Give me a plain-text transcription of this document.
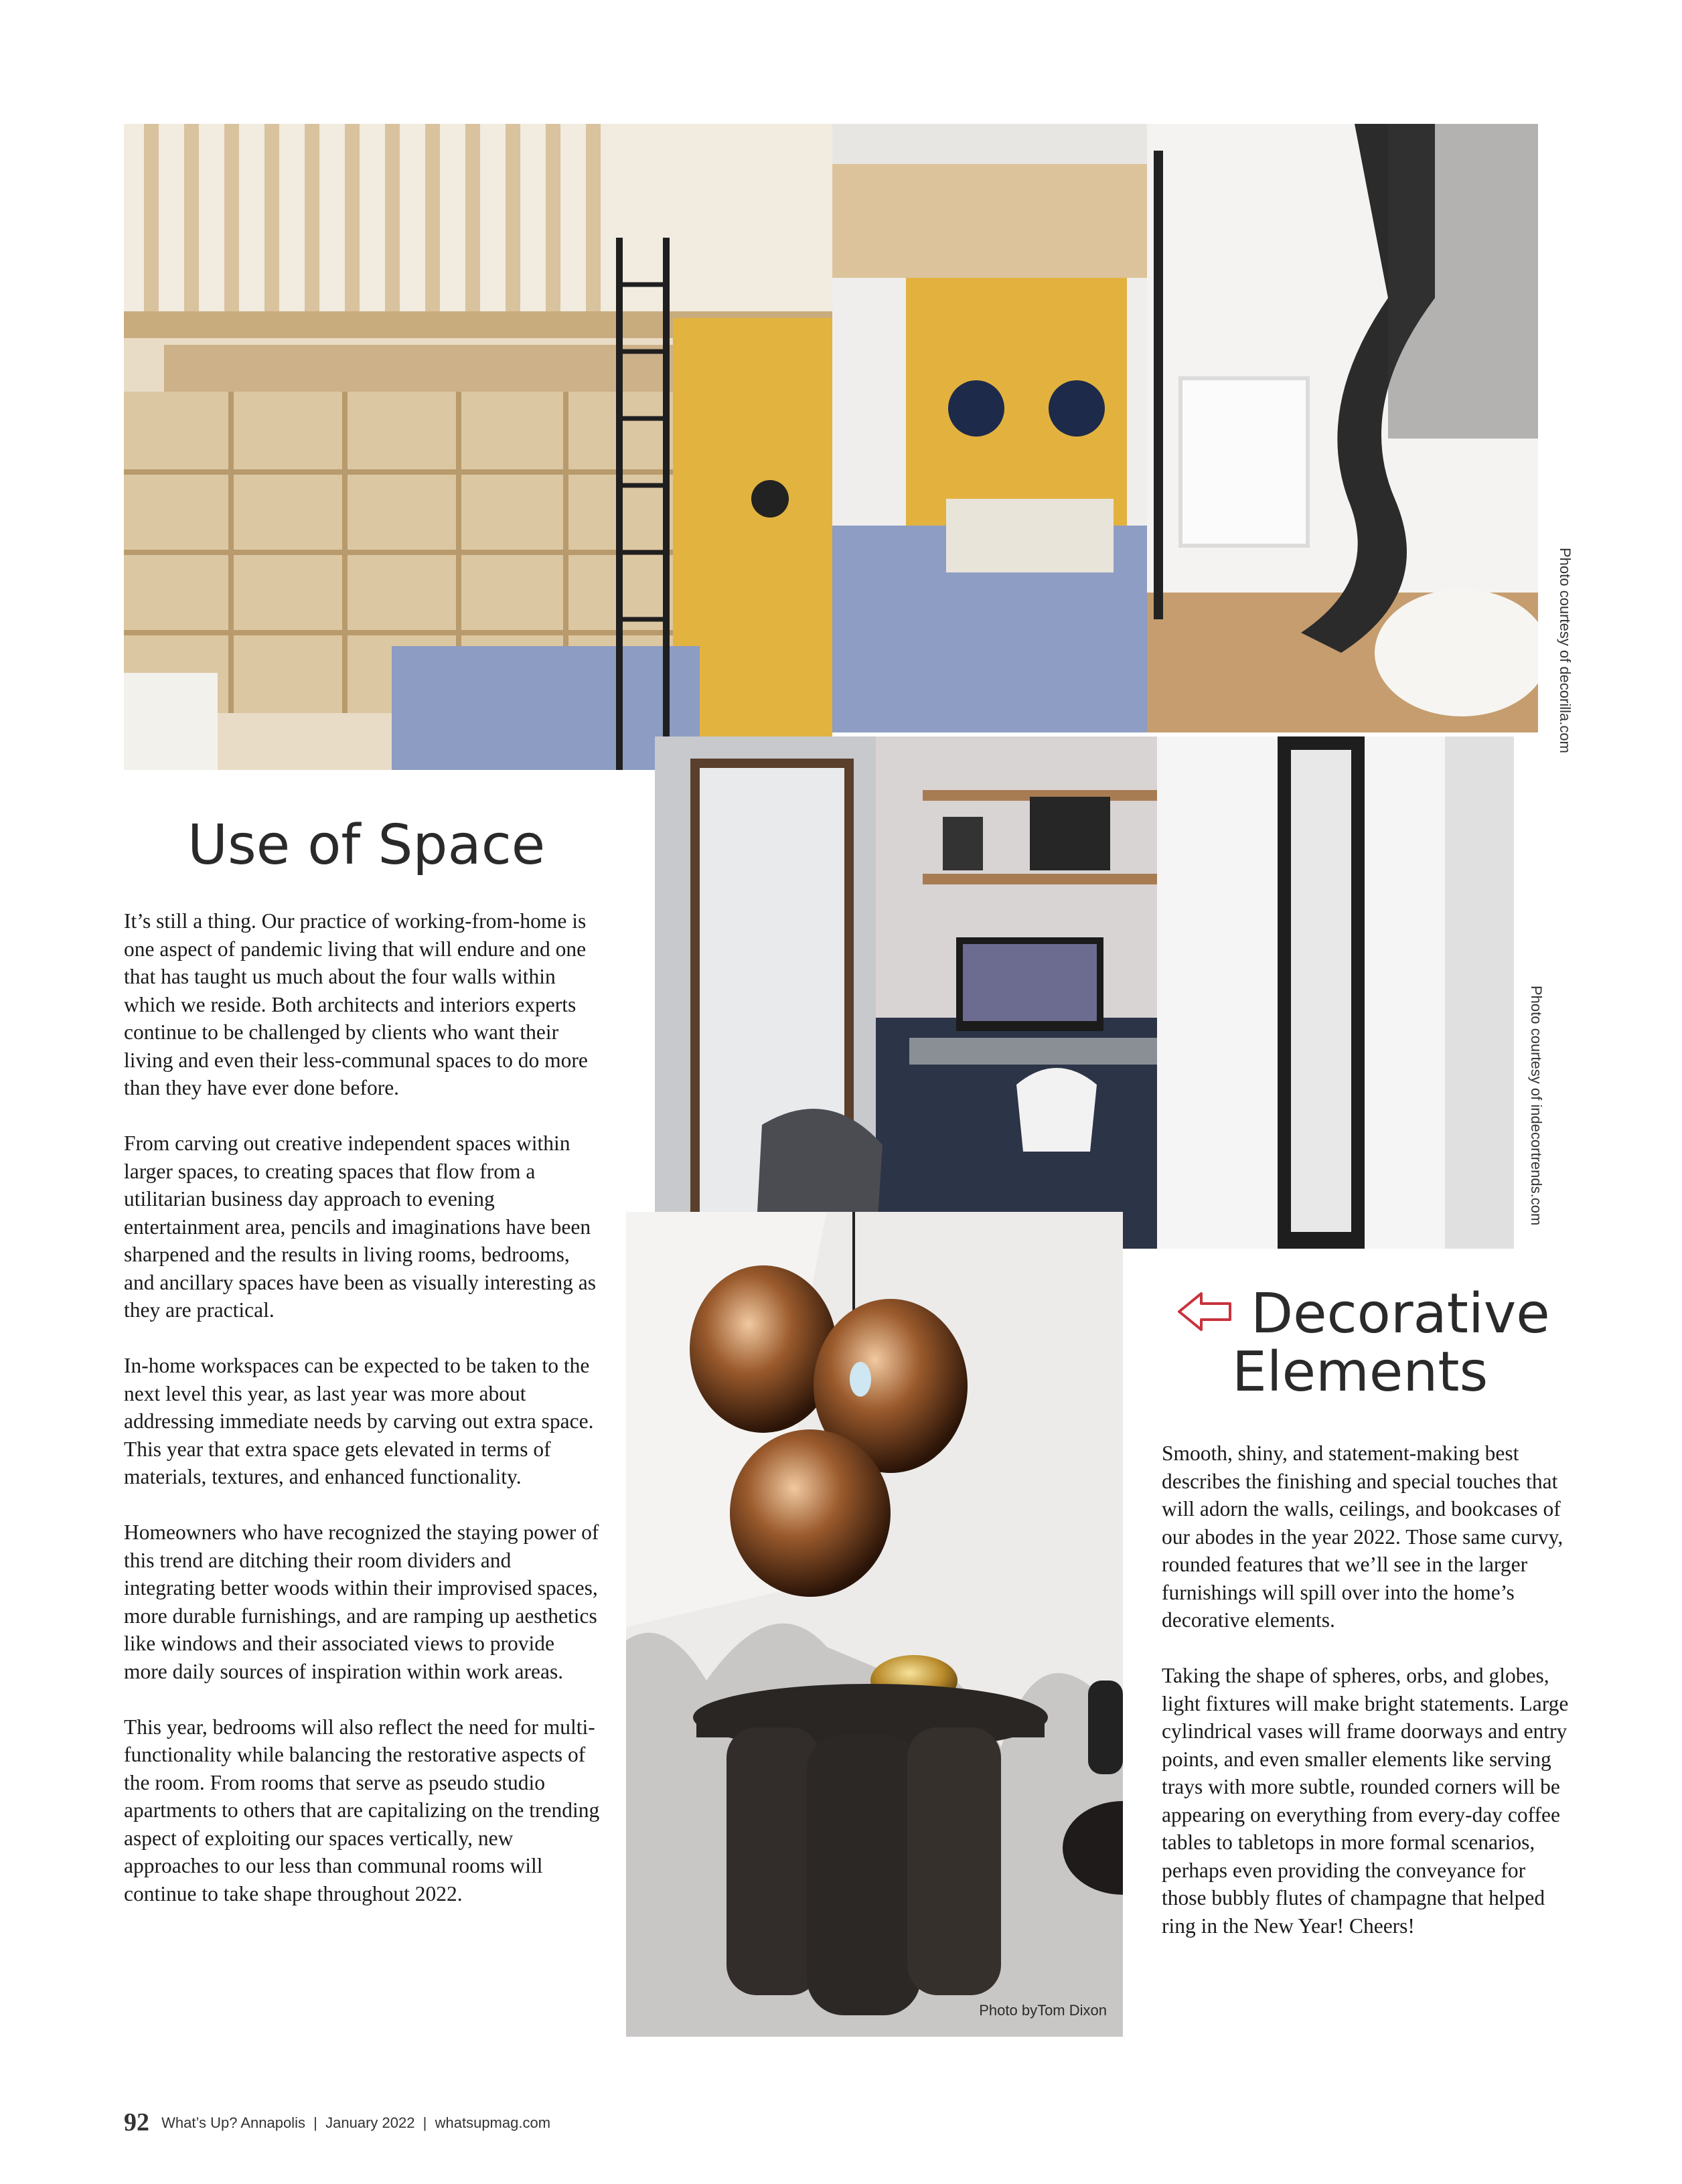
Photo byTom Dixon
Photo courtesy of decorilla.com
Photo courtesy of indecortrends.com
Use of Space

It’s still a thing. Our practice of working-from-home is one aspect of pandemic living that will endure and one that has taught us much about the four walls within which we reside. Both architects and interiors experts continue to be challenged by clients who want their living and even their less-communal spaces to do more than they have ever done before.

From carving out creative independent spaces within larger spaces, to creating spaces that flow from a utilitarian business day approach to evening entertainment area, pencils and imaginations have been sharpened and the results in living rooms, bedrooms, and ancillary spaces have been as visually interesting as they are practical.

In-home workspaces can be expected to be taken to the next level this year, as last year was more about addressing immediate needs by carving out extra space. This year that extra space gets elevated in terms of materials, textures, and enhanced functionality.

Homeowners who have recognized the staying power of this trend are ditching their room dividers and integrating better woods within their improvised spaces, more durable furnishings, and are ramping up aesthetics like windows and their associated views to provide more daily sources of inspiration within work areas.

This year, bedrooms will also reflect the need for multi-functionality while balancing the restorative aspects of the room. From rooms that serve as pseudo studio apartments to others that are capitalizing on the trending aspect of exploiting our spaces vertically, new approaches to our less than communal rooms will continue to take shape throughout 2022.

Decorative
Elements

Smooth, shiny, and statement-making best describes the finishing and special touches that will adorn the walls, ceilings, and bookcases of our abodes in the year 2022. Those same curvy, rounded features that we’ll see in the larger furnishings will spill over into the home’s decorative elements.

Taking the shape of spheres, orbs, and globes, light fixtures will make bright statements. Large cylindrical vases will frame doorways and entry points, and even smaller elements like serving trays with more subtle, rounded corners will be appearing on everything from every-day coffee tables to tabletops in more formal scenarios, perhaps even providing the conveyance for those bubbly flutes of champagne that helped ring in the New Year! Cheers!

92 What’s Up? Annapolis  |  January 2022  |  whatsupmag.com
